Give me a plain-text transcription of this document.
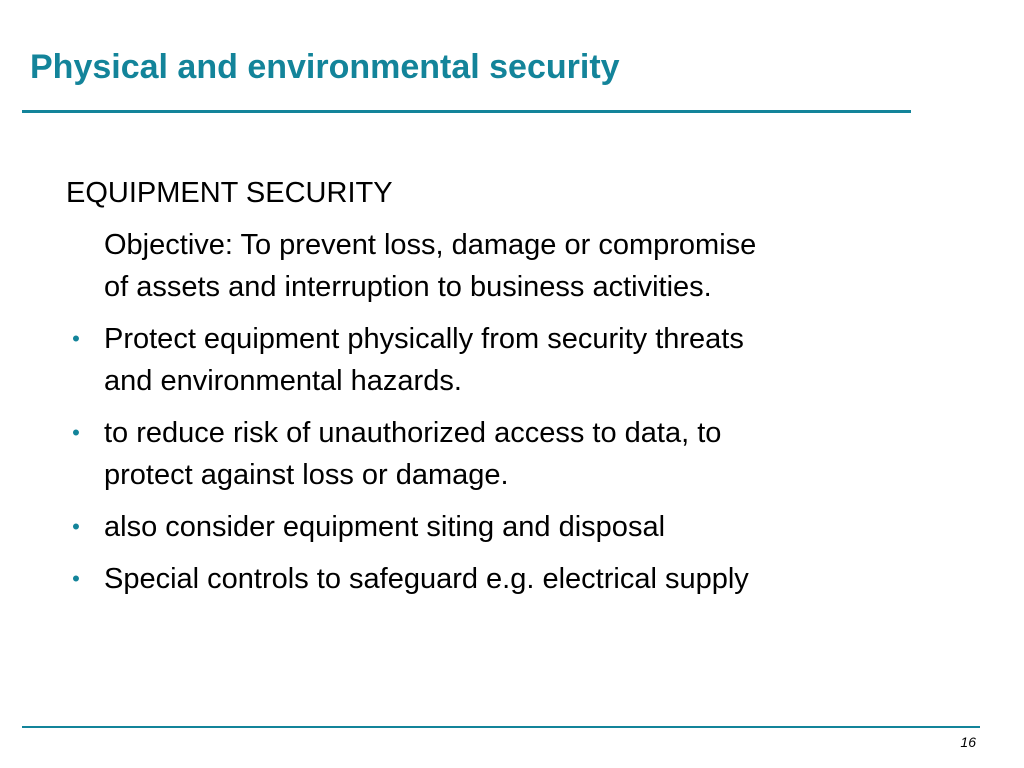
Physical and environmental security

EQUIPMENT SECURITY

Objective: To prevent loss, damage or compromise
of assets and interruption to business activities.

• Protect equipment physically from security threats
and environmental hazards.
• to reduce risk of unauthorized access to data, to
protect against loss or damage.
• also consider equipment siting and disposal
• Special controls to safeguard e.g. electrical supply
16
